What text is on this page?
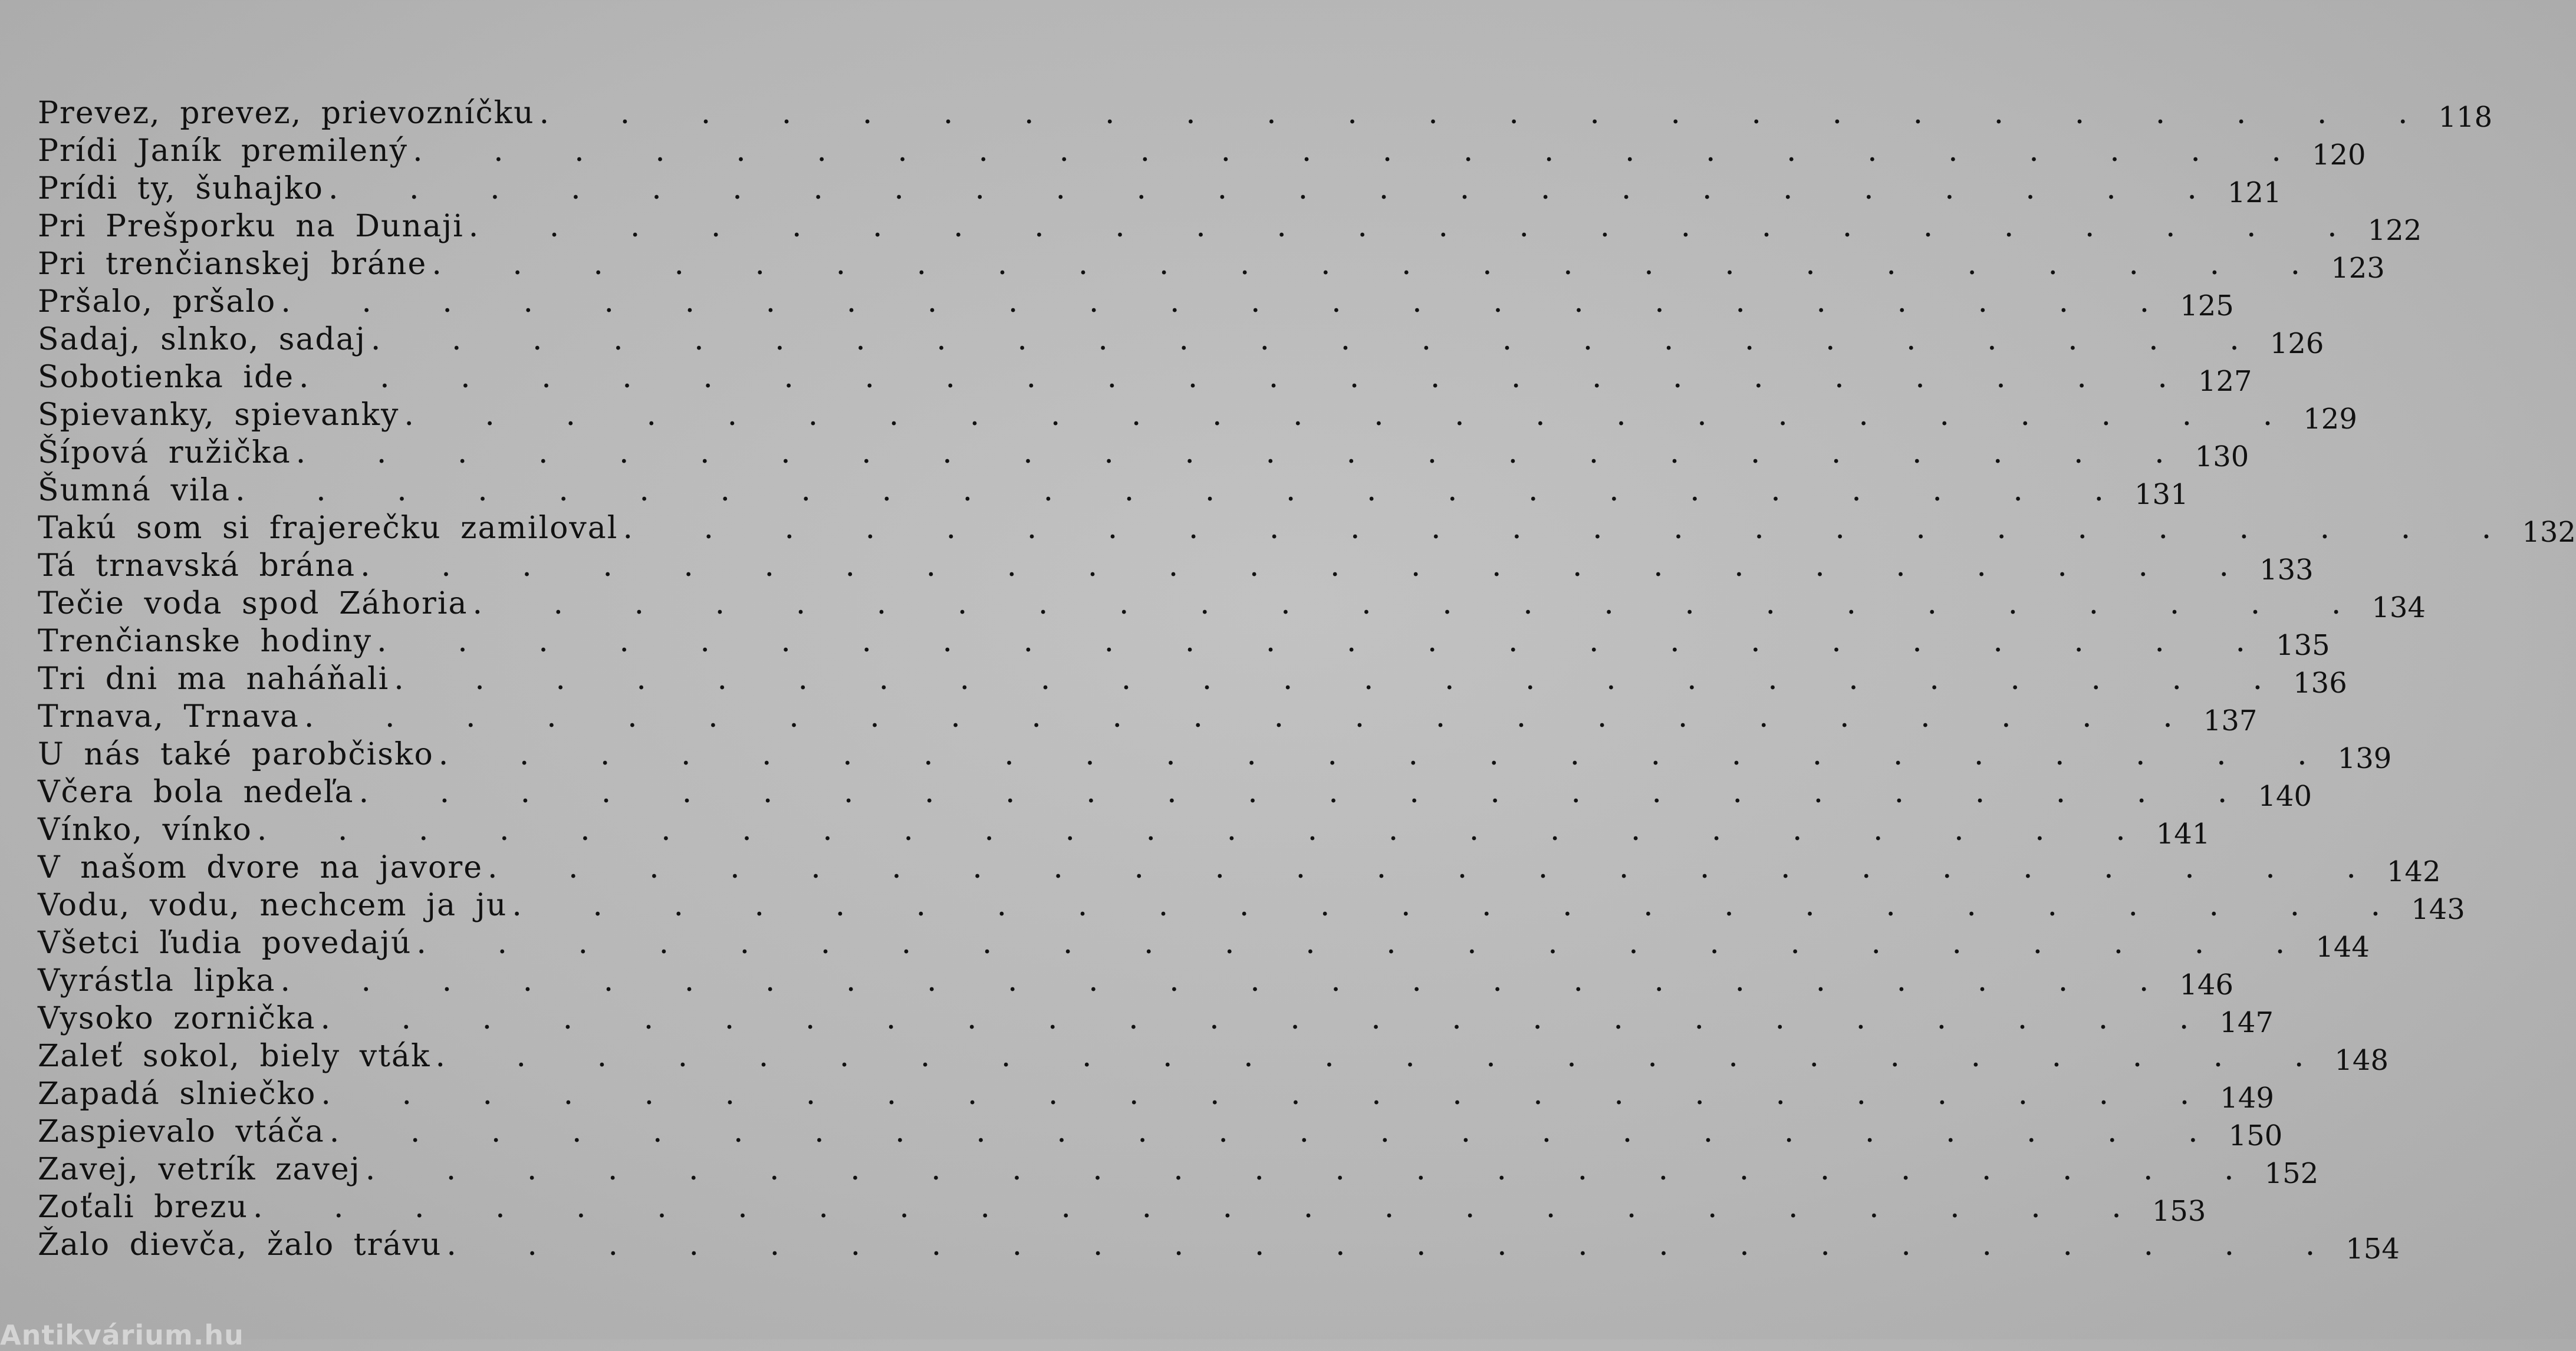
Prevez, prevez, prievozníčku . . . . . . . . . . . . . . . . . . . . . . . . 118
Prídi Janík premilený . . . . . . . . . . . . . . . . . . . . . . . . 120
Prídi ty, šuhajko . . . . . . . . . . . . . . . . . . . . . . . . 121
Pri Prešporku na Dunaji . . . . . . . . . . . . . . . . . . . . . . . . 122
Pri trenčianskej bráne . . . . . . . . . . . . . . . . . . . . . . . . 123
Pršalo, pršalo . . . . . . . . . . . . . . . . . . . . . . . . 125
Sadaj, slnko, sadaj . . . . . . . . . . . . . . . . . . . . . . . . 126
Sobotienka ide . . . . . . . . . . . . . . . . . . . . . . . . 127
Spievanky, spievanky . . . . . . . . . . . . . . . . . . . . . . . . 129
Šípová ružička . . . . . . . . . . . . . . . . . . . . . . . . 130
Šumná vila . . . . . . . . . . . . . . . . . . . . . . . . 131
Takú som si frajerečku zamiloval . . . . . . . . . . . . . . . . . . . . . . . . 132
Tá trnavská brána . . . . . . . . . . . . . . . . . . . . . . . . 133
Tečie voda spod Záhoria . . . . . . . . . . . . . . . . . . . . . . . . 134
Trenčianske hodiny . . . . . . . . . . . . . . . . . . . . . . . . 135
Tri dni ma naháňali . . . . . . . . . . . . . . . . . . . . . . . . 136
Trnava, Trnava . . . . . . . . . . . . . . . . . . . . . . . . 137
U nás také parobčisko . . . . . . . . . . . . . . . . . . . . . . . . 139
Včera bola nedeľa . . . . . . . . . . . . . . . . . . . . . . . . 140
Vínko, vínko . . . . . . . . . . . . . . . . . . . . . . . . 141
V našom dvore na javore . . . . . . . . . . . . . . . . . . . . . . . . 142
Vodu, vodu, nechcem ja ju . . . . . . . . . . . . . . . . . . . . . . . . 143
Všetci ľudia povedajú . . . . . . . . . . . . . . . . . . . . . . . . 144
Vyrástla lipka . . . . . . . . . . . . . . . . . . . . . . . . 146
Vysoko zornička . . . . . . . . . . . . . . . . . . . . . . . . 147
Zaleť sokol, biely vták . . . . . . . . . . . . . . . . . . . . . . . . 148
Zapadá slniečko . . . . . . . . . . . . . . . . . . . . . . . . 149
Zaspievalo vtáča . . . . . . . . . . . . . . . . . . . . . . . . 150
Zavej, vetrík zavej . . . . . . . . . . . . . . . . . . . . . . . . 152
Zoťali brezu . . . . . . . . . . . . . . . . . . . . . . . . 153
Žalo dievča, žalo trávu . . . . . . . . . . . . . . . . . . . . . . . . 154
Antikvárium.hu
